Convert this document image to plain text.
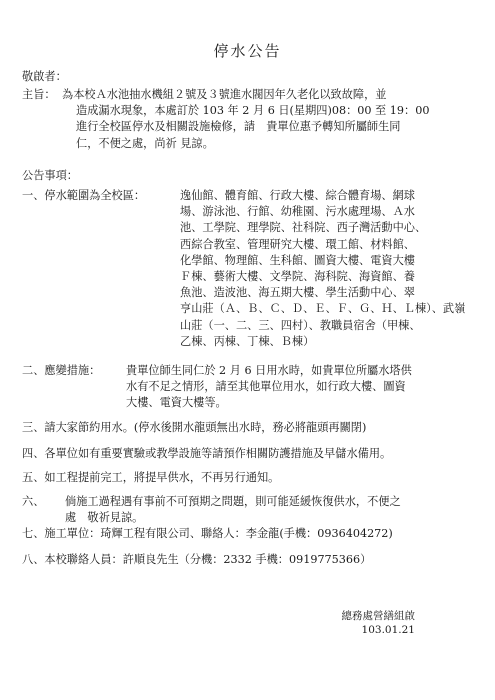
停水公告
敬啟者：
主旨： 為本校Ａ水池抽水機組２號及３號進水閥因年久老化以致故障，並
造成漏水現象，本處訂於 103 年 2 月 6 日(星期四)08：00 至 19：00
進行全校區停水及相關設施檢修，請　貴單位惠予轉知所屬師生同
仁，不便之處，尚祈 見諒。
公告事項：
一、停水範圍為全校區：	逸仙館、體育館、行政大樓、綜合體育場、網球
場、游泳池、行館、幼稚園、污水處理場、Ａ水
池、工學院、理學院、社科院、西子灣活動中心、
西綜合教室、管理研究大樓、環工館、材料館、
化學館、物理館、生科館、圖資大樓、電資大樓
Ｆ棟、藝術大樓、文學院、海科院、海資館、養
魚池、造波池、海五期大樓、學生活動中心、翠
亨山莊（Ａ、Ｂ、Ｃ、Ｄ、Ｅ、Ｆ、Ｇ、Ｈ、Ｌ棟）、武嶺
山莊（一、二、三、四村）、教職員宿舍（甲棟、
乙棟、丙棟、丁棟、Ｂ棟）
二、應變措施：	貴單位師生同仁於 2 月 6 日用水時，如貴單位所屬水塔供
水有不足之情形，請至其他單位用水，如行政大樓、圖資
大樓、電資大樓等。
三、請大家節約用水。(停水後開水龍頭無出水時，務必將龍頭再關閉)
四、各單位如有重要實驗或教學設施等請預作相關防護措施及早儲水備用。
五、如工程提前完工，將提早供水，不再另行通知。
六、	倘施工過程遇有事前不可預期之問題，則可能延緩恢復供水，不便之
處　敬祈見諒。
七、施工單位：琦輝工程有限公司、聯絡人：李金龍(手機：0936404272)
八、本校聯絡人員：許順良先生（分機：2332 手機：0919775366）
總務處營繕組啟
103.01.21
